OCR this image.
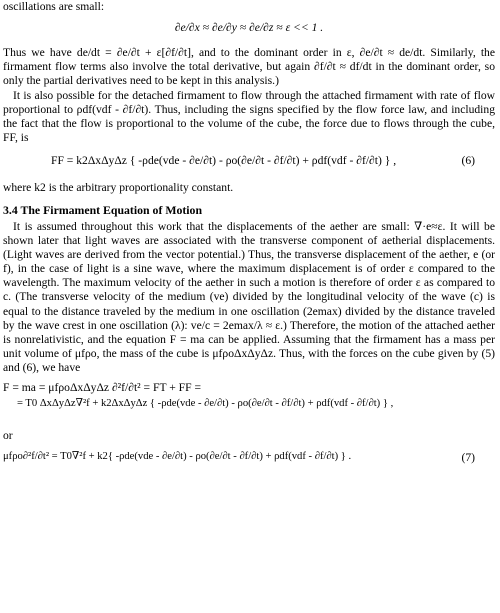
oscillations are small:

∂e/∂x ≈ ∂e/∂y ≈ ∂e/∂z ≈ ε << 1 .

Thus we have de/dt = ∂e/∂t + ε[∂f/∂t], and to the dominant order in ε, ∂e/∂t ≈ de/dt. Similarly, the firmament flow terms also involve the total derivative, but again ∂f/∂t ≈ df/dt in the dominant order, so only the partial derivatives need to be kept in this analysis.)

It is also possible for the detached firmament to flow through the attached firmament with rate of flow proportional to ρdf(vdf - ∂f/∂t). Thus, including the signs specified by the flow force law, and including the fact that the flow is proportional to the volume of the cube, the force due to flows through the cube, FF, is

FF = k2ΔxΔyΔz { -ρde(vde - ∂e/∂t) - ρo(∂e/∂t - ∂f/∂t) + ρdf(vdf - ∂f/∂t) } ,	(6)

where k2 is the arbitrary proportionality constant.

3.4 The Firmament Equation of Motion

It is assumed throughout this work that the displacements of the aether are small: ∇·e≈ε. It will be shown later that light waves are associated with the transverse component of aetherial displacements. (Light waves are derived from the vector potential.) Thus, the transverse displacement of the aether, e (or f), in the case of light is a sine wave, where the maximum displacement is of order ε compared to the wavelength. The maximum velocity of the aether in such a motion is therefore of order ε as compared to c. (The transverse velocity of the medium (ve) divided by the longitudinal velocity of the wave (c) is equal to the distance traveled by the medium in one oscillation (2emax) divided by the distance traveled by the wave crest in one oscillation (λ): ve/c = 2emax/λ ≈ ε.) Therefore, the motion of the attached aether is nonrelativistic, and the equation F = ma can be applied. Assuming that the firmament has a mass per unit volume of μfρo, the mass of the cube is μfρoΔxΔyΔz. Thus, with the forces on the cube given by (5) and (6), we have

F = ma = μfρoΔxΔyΔz ∂²f/∂t² = FT + FF =
= T0 ΔxΔyΔz∇²f + k2ΔxΔyΔz { -ρde(vde - ∂e/∂t) - ρo(∂e/∂t - ∂f/∂t) + ρdf(vdf - ∂f/∂t) } ,

or

μfρo∂²f/∂t² = T0∇²f + k2{ -ρde(vde - ∂e/∂t) - ρo(∂e/∂t - ∂f/∂t) + ρdf(vdf - ∂f/∂t) } .	(7)
